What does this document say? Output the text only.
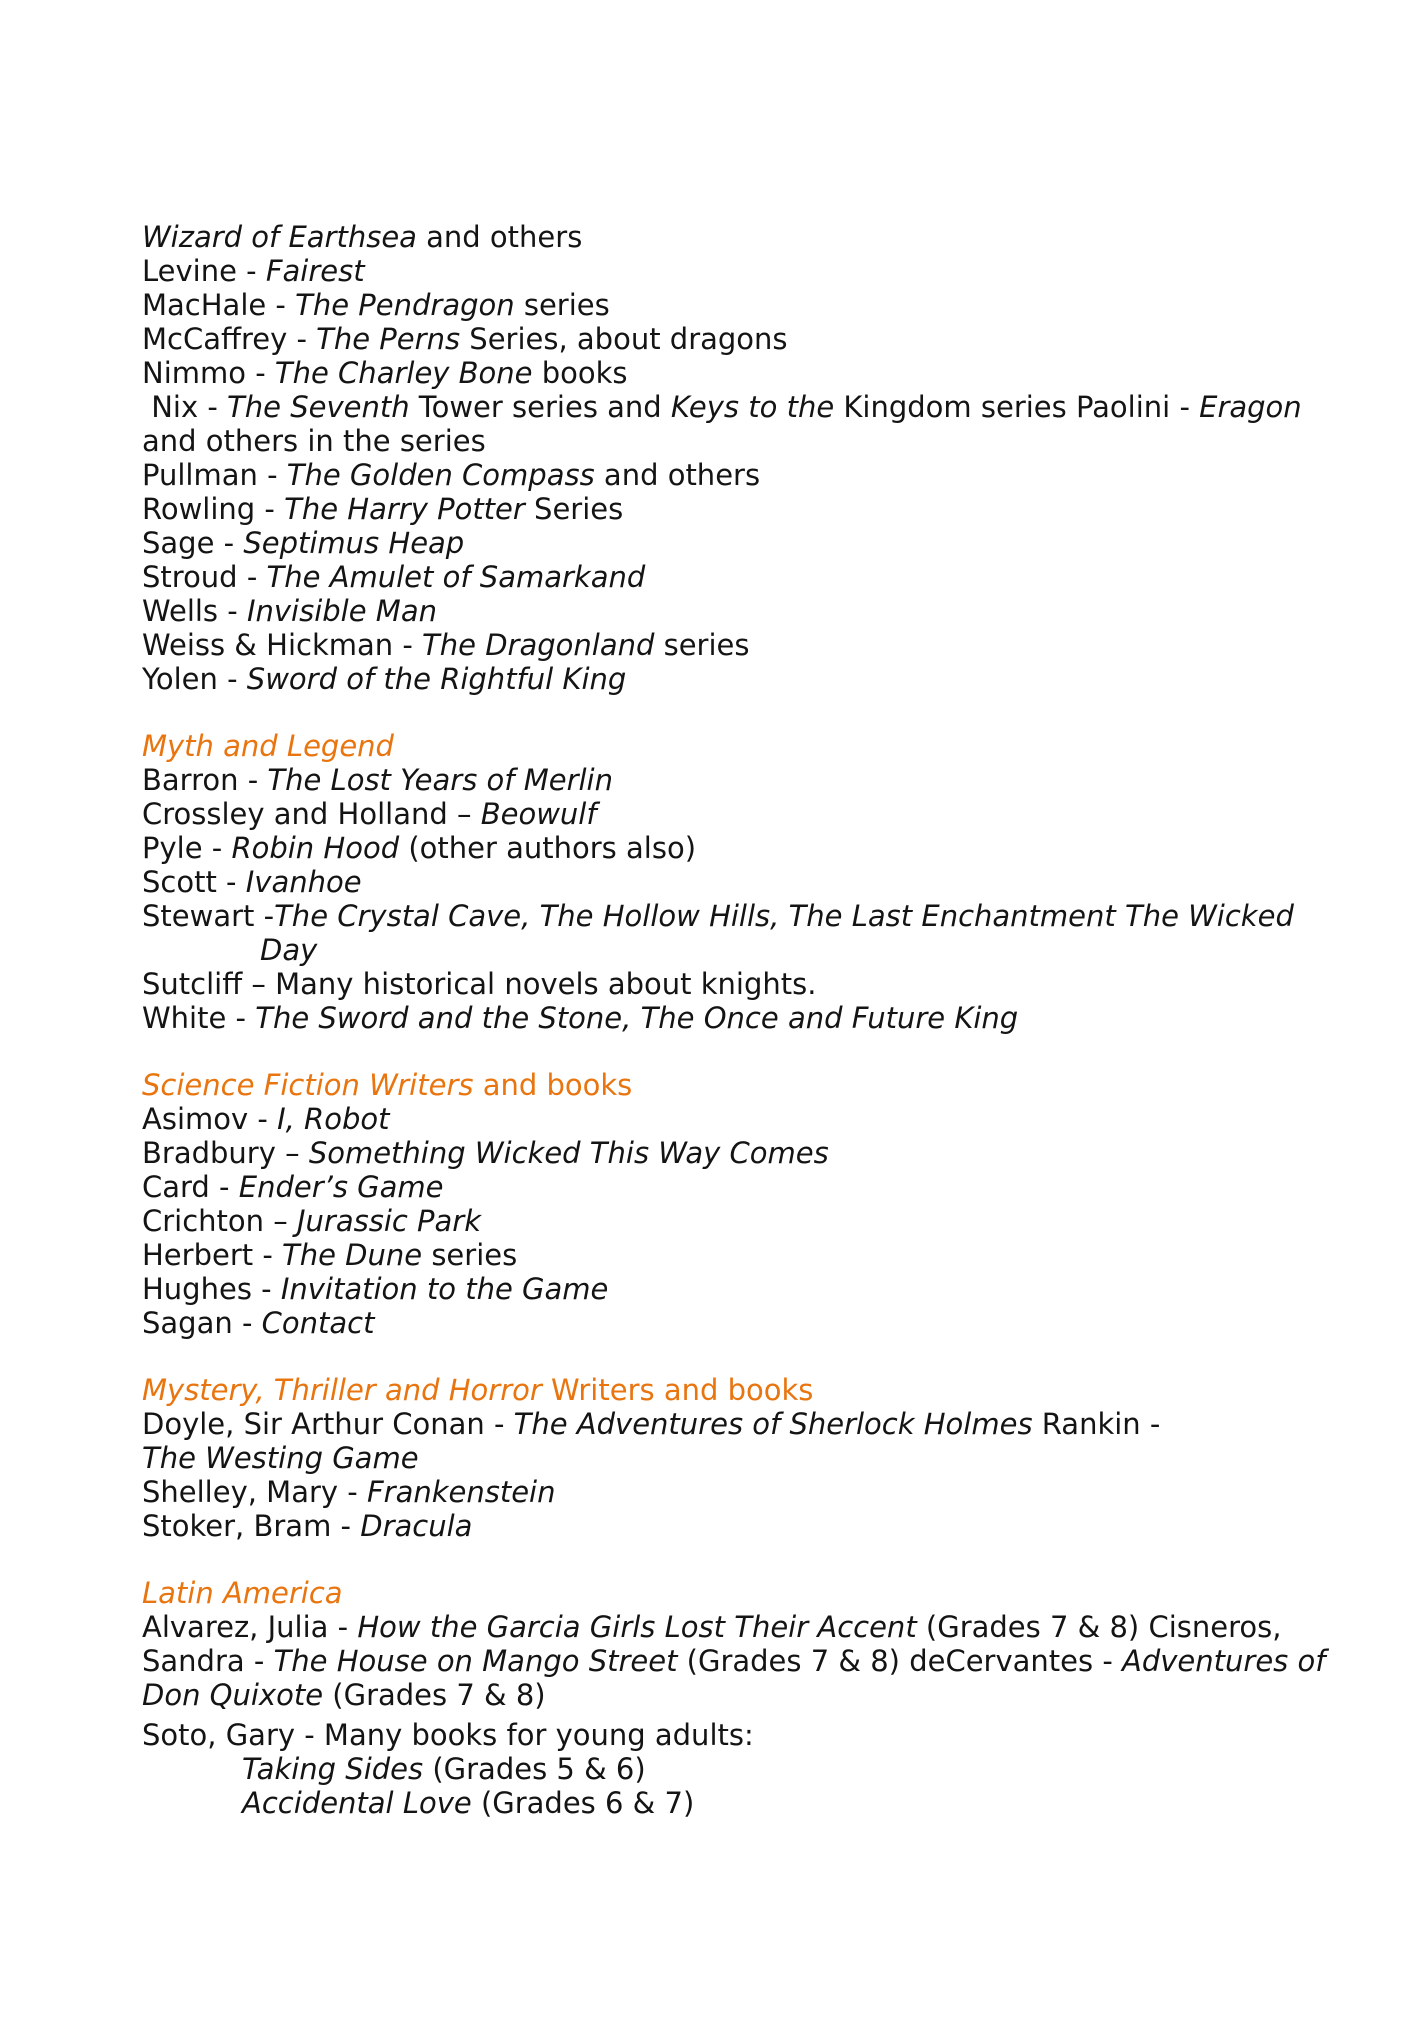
Wizard of Earthsea and others
Levine - Fairest
MacHale - The Pendragon series
McCaffrey - The Perns Series, about dragons
Nimmo - The Charley Bone books
Nix - The Seventh Tower series and Keys to the Kingdom series Paolini - Eragon
and others in the series
Pullman - The Golden Compass and others
Rowling - The Harry Potter Series
Sage - Septimus Heap
Stroud - The Amulet of Samarkand
Wells - Invisible Man
Weiss & Hickman - The Dragonland series
Yolen - Sword of the Rightful King
Myth and Legend
Barron - The Lost Years of Merlin
Crossley and Holland – Beowulf
Pyle - Robin Hood (other authors also)
Scott - Ivanhoe
Stewart -The Crystal Cave, The Hollow Hills, The Last Enchantment The Wicked
Day
Sutcliff – Many historical novels about knights.
White - The Sword and the Stone, The Once and Future King
Science Fiction Writers and books
Asimov - I, Robot
Bradbury – Something Wicked This Way Comes
Card - Ender’s Game
Crichton – Jurassic Park
Herbert - The Dune series
Hughes - Invitation to the Game
Sagan - Contact
Mystery, Thriller and Horror Writers and books
Doyle, Sir Arthur Conan - The Adventures of Sherlock Holmes Rankin -
The Westing Game
Shelley, Mary - Frankenstein
Stoker, Bram - Dracula
Latin America
Alvarez, Julia - How the Garcia Girls Lost Their Accent (Grades 7 & 8) Cisneros,
Sandra - The House on Mango Street (Grades 7 & 8) deCervantes - Adventures of
Don Quixote (Grades 7 & 8)
Soto, Gary - Many books for young adults:
Taking Sides (Grades 5 & 6)
Accidental Love (Grades 6 & 7)
